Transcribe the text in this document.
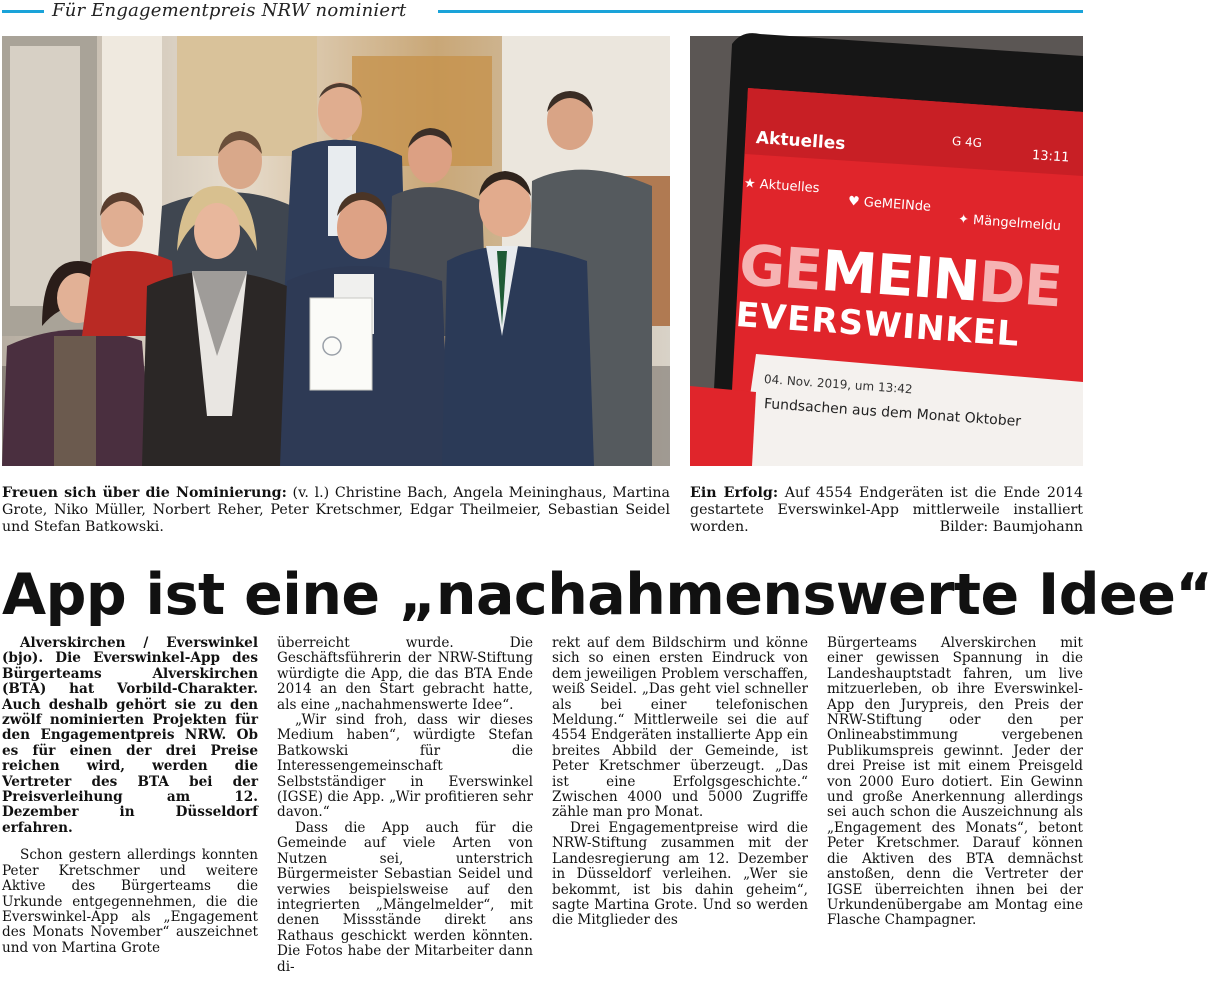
Für Engagementpreis NRW nominiert
Aktuelles	G 4G
13:11
★ Aktuelles
♥ GeMEINde
✦ Mängelmeldu
GEMEINDE
EVERSWINKEL
04. Nov. 2019, um 13:42
Fundsachen aus dem Monat Oktober
Freuen sich über die Nominierung: (v. l.) Christine Bach, Angela Meininghaus, Martina Grote, Niko Müller, Norbert Reher, Peter Kretschmer, Edgar Theilmeier, Sebastian Seidel und Stefan Batkowski.
Ein Erfolg: Auf 4554 Endgeräten ist die Ende 2014 gestartete Everswinkel-App mittlerweile installiert worden.	Bilder: Baumjohann
App ist eine „nachahmenswerte Idee“

Alverskirchen / Everswinkel (bjo). Die Everswinkel-App des Bürgerteams Alverskirchen (BTA) hat Vorbild-Charakter. Auch deshalb gehört sie zu den zwölf nominierten Projekten für den Engagementpreis NRW. Ob es für einen der drei Preise reichen wird, werden die Vertreter des BTA bei der Preisverleihung am 12. Dezember in Düsseldorf erfahren.

Schon gestern allerdings konnten Peter Kretschmer und weitere Aktive des Bürgerteams die Urkunde entgegennehmen, die die Everswinkel-App als „Engagement des Monats November“ auszeichnet und von Martina Grote

überreicht wurde. Die Geschäftsführerin der NRW-Stiftung würdigte die App, die das BTA Ende 2014 an den Start gebracht hatte, als eine „nachahmenswerte Idee“.

„Wir sind froh, dass wir dieses Medium haben“, würdigte Stefan Batkowski für die Interessengemeinschaft Selbstständiger in Everswinkel (IGSE) die App. „Wir profitieren sehr davon.“

Dass die App auch für die Gemeinde auf viele Arten von Nutzen sei, unterstrich Bürgermeister Sebastian Seidel und verwies beispielsweise auf den integrierten „Mängelmelder“, mit denen Missstände direkt ans Rathaus geschickt werden könnten. Die Fotos habe der Mitarbeiter dann di-

rekt auf dem Bildschirm und könne sich so einen ersten Eindruck von dem jeweiligen Problem verschaffen, weiß Seidel. „Das geht viel schneller als bei einer telefonischen Meldung.“ Mittlerweile sei die auf 4554 Endgeräten installierte App ein breites Abbild der Gemeinde, ist Peter Kretschmer überzeugt. „Das ist eine Erfolgsgeschichte.“ Zwischen 4000 und 5000 Zugriffe zähle man pro Monat.

Drei Engagementpreise wird die NRW-Stiftung zusammen mit der Landesregierung am 12. Dezember in Düsseldorf verleihen. „Wer sie bekommt, ist bis dahin geheim“, sagte Martina Grote. Und so werden die Mitglieder des

Bürgerteams Alverskirchen mit einer gewissen Spannung in die Landeshauptstadt fahren, um live mitzuerleben, ob ihre Everswinkel-App den Jurypreis, den Preis der NRW-Stiftung oder den per Onlineabstimmung vergebenen Publikumspreis gewinnt. Jeder der drei Preise ist mit einem Preisgeld von 2000 Euro dotiert. Ein Gewinn und große Anerkennung allerdings sei auch schon die Auszeichnung als „Engagement des Monats“, betont Peter Kretschmer. Darauf können die Aktiven des BTA demnächst anstoßen, denn die Vertreter der IGSE überreichten ihnen bei der Urkundenübergabe am Montag eine Flasche Champagner.
